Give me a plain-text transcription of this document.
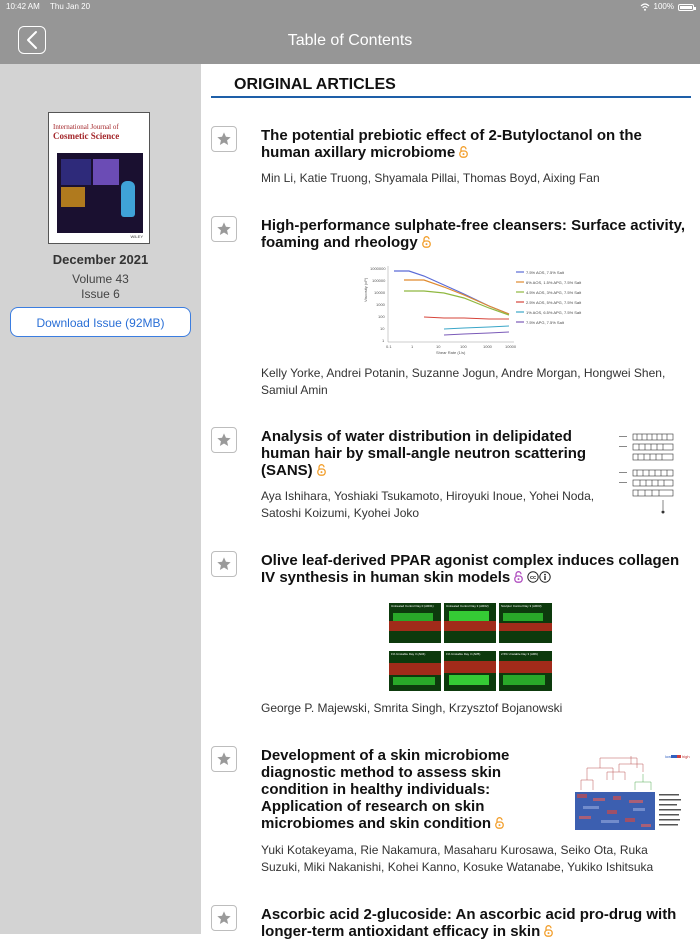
10:42 AM Thu Jan 20	100%
Table of Contents
International Journal of
Cosmetic Science
WILEY
December 2021
Volume 43
Issue 6
Download Issue (92MB)
ORIGINAL ARTICLES
The potential prebiotic effect of 2-Butyloctanol on the human axillary microbiome
Min Li, Katie Truong, Shyamala Pillai, Thomas Boyd, Aixing Fan
High-performance sulphate-free cleansers: Surface activity, foaming and rheology
Viscosity (cP)
1000000
100000
10000
1000
100
10
1
0.1	1	10	100	1000	10000
Shear Rate (1/s)
7.5% AOS, 7.5% Salt
6% AOS, 1.5% APG, 7.5% Salt
4.5% AOS, 3% APG, 7.5% Salt
2.5% AOS, 5% APG, 7.5% Salt
1% AOS, 6.5% APG, 7.5% Salt
7.5% APG, 7.5% Salt
Kelly Yorke, Andrei Potanin, Suzanne Jogun, Andre Morgan, Hongwei Shen, Samiul Amin
Analysis of water distribution in delipidated human hair by small-angle neutron scattering (SANS)
Aya Ishihara, Yoshiaki Tsukamoto, Hiroyuki Inoue, Yohei Noda, Satoshi Koizumi, Kyohei Joko
Olive leaf-derived PPAR agonist complex induces collagen IV synthesis in human skin models	cc
Untreated Control Day 0 (AR01)	Untreated Control Day 3 (AR02)	Sculptor Control Day 3 (AR03)
1% Unstable Day 3 (AR4)	1% Unstable Day 3 (AR5)	2.5% Unstable Day 3 (AR6)
George P. Majewski, Smrita Singh, Krzysztof Bojanowski
Development of a skin microbiome diagnostic method to assess skin condition in healthy individuals: Application of research on skin microbiomes and skin condition
low	high
Yuki Kotakeyama, Rie Nakamura, Masaharu Kurosawa, Seiko Ota, Ruka Suzuki, Miki Nakanishi, Kohei Kanno, Kosuke Watanabe, Yukiko Ishitsuka
Ascorbic acid 2-glucoside: An ascorbic acid pro-drug with longer-term antioxidant efficacy in skin
